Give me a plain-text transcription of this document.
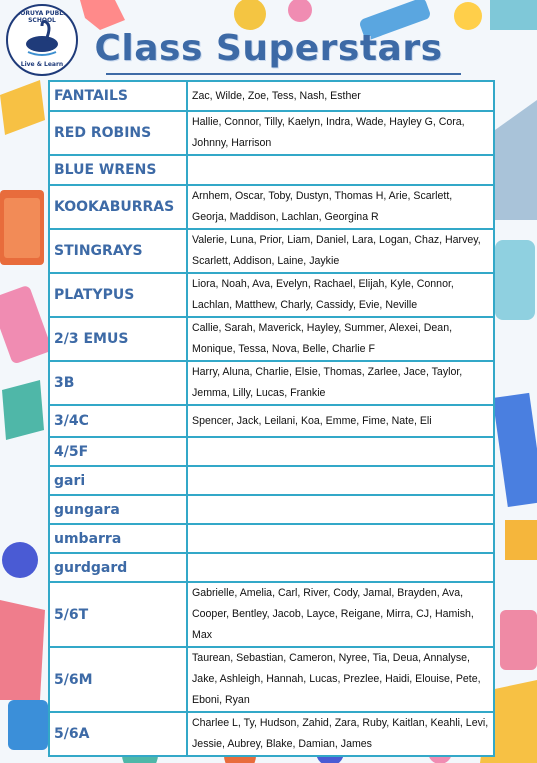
MORUYA PUBLIC SCHOOL
Live & Learn Class Superstars
FANTAILS	Zac, Wilde, Zoe, Tess, Nash, Esther
RED ROBINS	Hallie, Connor, Tilly, Kaelyn, Indra, Wade, Hayley G, Cora, Johnny, Harrison
BLUE WRENS	
KOOKABURRAS	Arnhem, Oscar, Toby, Dustyn, Thomas H, Arie, Scarlett, Georja, Maddison, Lachlan, Georgina R
STINGRAYS	Valerie, Luna, Prior, Liam, Daniel, Lara, Logan, Chaz, Harvey, Scarlett, Addison, Laine, Jaykie
PLATYPUS	Liora, Noah, Ava, Evelyn, Rachael, Elijah, Kyle, Connor, Lachlan, Matthew, Charly, Cassidy, Evie, Neville
2/3 EMUS	Callie, Sarah, Maverick, Hayley, Summer, Alexei, Dean, Monique, Tessa, Nova, Belle, Charlie F
3B	Harry, Aluna, Charlie, Elsie, Thomas, Zarlee, Jace, Taylor, Jemma, Lilly, Lucas, Frankie
3/4C	Spencer, Jack, Leilani, Koa, Emme, Fime, Nate, Eli
4/5F	
gari	
gungara	
umbarra	
gurdgard	
5/6T	Gabrielle, Amelia, Carl, River, Cody, Jamal, Brayden, Ava, Cooper, Bentley, Jacob, Layce, Reigane, Mirra, CJ, Hamish, Max
5/6M	Taurean, Sebastian, Cameron, Nyree, Tia, Deua, Annalyse, Jake, Ashleigh, Hannah, Lucas, Prezlee, Haidi, Elouise, Pete, Eboni, Ryan
5/6A	Charlee L, Ty, Hudson, Zahid, Zara, Ruby, Kaitlan, Keahli, Levi, Jessie, Aubrey, Blake, Damian, James
